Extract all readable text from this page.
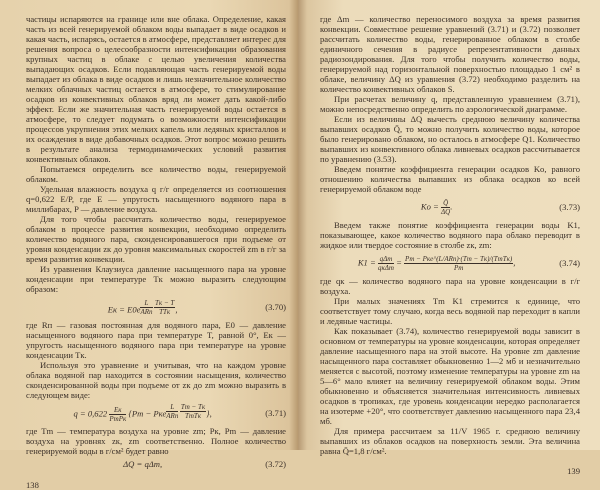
частицы испаряются на границе или вне облака. Определение, какая часть из всей генерируемой облаком воды выпадает в виде осадков и какая часть, испарясь, остается в атмосфере, представляет интерес для решения вопроса о целесообразности интенсификации образования крупных частиц в облаке с целью увеличения количества выпадающих осадков. Если подавляющая часть генерируемой воды выпадает из облака в виде осадков и лишь незначительное количество мелких облачных частиц остается в атмосфере, то стимулирование осадков из конвективных облаков вряд ли может дать какой-либо эффект. Если же значительная часть генерируемой воды остается в атмосфере, то следует подумать о возможности интенсификации процессов укрупнения этих мелких капель или ледяных кристаллов и их осаждения в виде добавочных осадков. Этот вопрос можно решить в результате анализа термодинамических условий развития конвективных облаков.

Попытаемся определить все количество воды, генерируемой облаком.

Удельная влажность воздуха q г/г определяется из соотношения q=0,622 E/P, где E — упругость насыщенного водяного пара в миллибарах, P — давление воздуха.

Для того чтобы рассчитать количество воды, генерируемое облаком в процессе развития конвекции, необходимо определить количество водяного пара, сконденсировавшегося при подъеме от уровня конденсации zк до уровня максимальных скоростей zm в г/г за время развития конвекции.

Из уравнения Клаузиуса давление насыщенного пара на уровне конденсации при температуре Tк можно выразить следующим образом:

Eк = E0e $^{\frac{L}{\text{ARп}} \frac{Tк - T}{\text{TTк}}}$ ,	(3.70)

где Rп — газовая постоянная для водяного пара, E0 — давление насыщенного водяного пара при температуре T, равной 0°, Eк — упругость насыщенного водяного пара при температуре на уровне конденсации Tк.

Используя это уравнение и учитывая, что на каждом уровне облака водяной пар находится в состоянии насыщения, количество сконденсированной воды при подъеме от zк до zm можно выразить в следующем виде:

$q = 0,622 \frac{Eк}{\text{PmPк}} \{Pm$ − Pке $^{\frac{L}{\text{ARп}} \frac{Tm - Tк}{\text{TmTк}}}$ },	(3.71)

где Tm — температура воздуха на уровне zm; Pк, Pm — давление воздуха на уровнях zк, zm соответственно. Полное количество генерируемой воды в г/см² будет равно

ΔQ = qΔm,	(3.72)
138

где Δm — количество переносимого воздуха за время развития конвекции. Совместное решение уравнений (3.71) и (3.72) позволяет рассчитать количество воды, генерированное облаком в столбе единичного сечения в радиусе репрезентативности данных радиозондирования. Для того чтобы получить количество воды, генерируемой над горизонтальной поверхностью площадью 1 см² в облаке, величину ΔQ из уравнения (3.72) необходимо разделить на количество конвективных облаков S.

При расчетах величину q, представленную уравнением (3.71), можно непосредственно определить по аэрологической диаграмме.

Если из величины ΔQ вычесть среднюю величину количества выпавших осадков Q̄, то можно получить количество воды, которое было генерировано облаком, но осталось в атмосфере Q1. Количество выпавших из конвективного облака ливневых осадков рассчитывается по уравнению (3.53).

Введем понятие коэффициента генерации осадков Kо, равного отношению количества выпавших из облака осадков ко всей генерируемой облаком воде

Kо = $\frac{Q̄}{\Delta Q}$ .	(3.73)

Введем также понятие коэффициента генерации воды K1, показывающее, какое количество водяного пара облако переводит в жидкое или твердое состояние в столбе zк, zm:

$K1 = \frac{\text{qΔm}}{\text{qкΔm}} = \frac{\text{Pm − Pкe\textasciicircum{}(L/ARп)·(Tm − Tк)/(TmTк)}}{Pm}$ ,	(3.74)

где qк — количество водяного пара на уровне конденсации в г/г воздуха.

При малых значениях Tm K1 стремится к единице, что соответствует тому случаю, когда весь водяной пар переходит в капли и ледяные частицы.

Как показывает (3.74), количество генерируемой воды зависит в основном от температуры на уровне конденсации, которая определяет давление насыщенного пара на этой высоте. На уровне zm давление насыщенного пара составляет обыкновенно 1—2 мб и незначительно меняется с высотой, поэтому изменение температуры на уровне zm на 5—6° мало влияет на величину генерируемой облаком воды. Этим обыкновенно и объясняется значительная интенсивность ливневых осадков в тропиках, где уровень конденсации нередко располагается на изотерме +20°, что соответствует давлению насыщенного пара 23,4 мб.

Для примера рассчитаем за 11/V 1965 г. среднюю величину выпавших из облаков осадков на поверхность земли. Эта величина равна Q̄=1,8 г/см².

139
